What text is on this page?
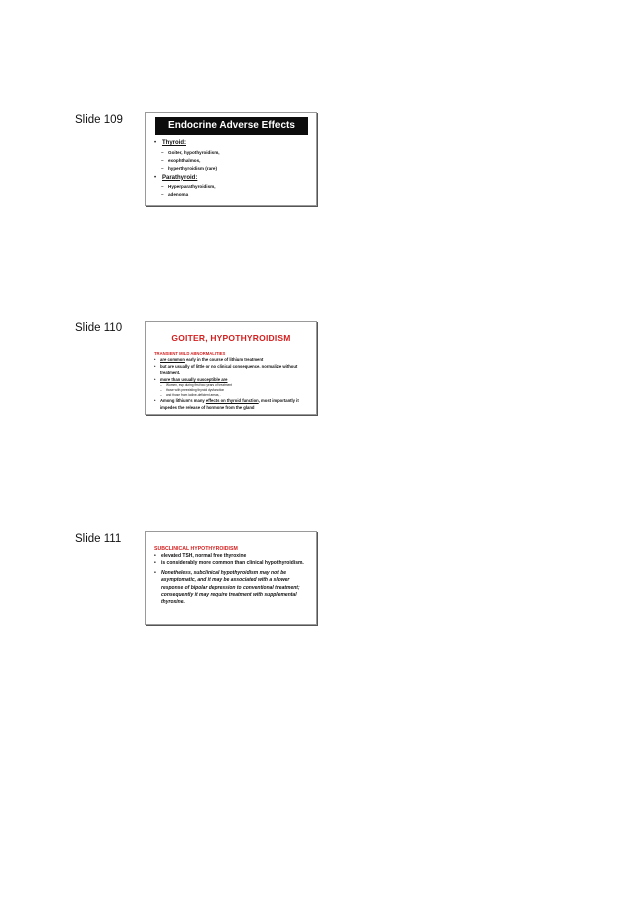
Slide 109	Endocrine Adverse Effects
• Thyroid:
– Goiter, hypothyroidism,
– exophthalmos,
– hyperthyroidism (rare)
• Parathyroid:
– Hyperparathyroidism,
– adenoma
Slide 110
GOITER, HYPOTHYROIDISM
TRANSIENT MILD ABNORMALITIES
• are common early in the course of lithium treatment
• but are usually of little or no clinical consequence. normalize without treatment.
• more than usually susceptible are
– Women, esp during first two years of treatment
– those with preexisting thyroid dysfunction
– and those from iodine-deficient areas, .
• Among lithium's many effects on thyroid function, most importantly it impedes the release of hormone from the gland
Slide 111
SUBCLINICAL HYPOTHYROIDISM
• elevated TSH, normal free thyroxine
• is considerably more common than clinical hypothyroidism.
• Nonetheless, subclinical hypothyroidism may not be asymptomatic, and it may be associated with a slower response of bipolar depression to conventional treatment; consequently it may require treatment with supplemental thyroxine.
